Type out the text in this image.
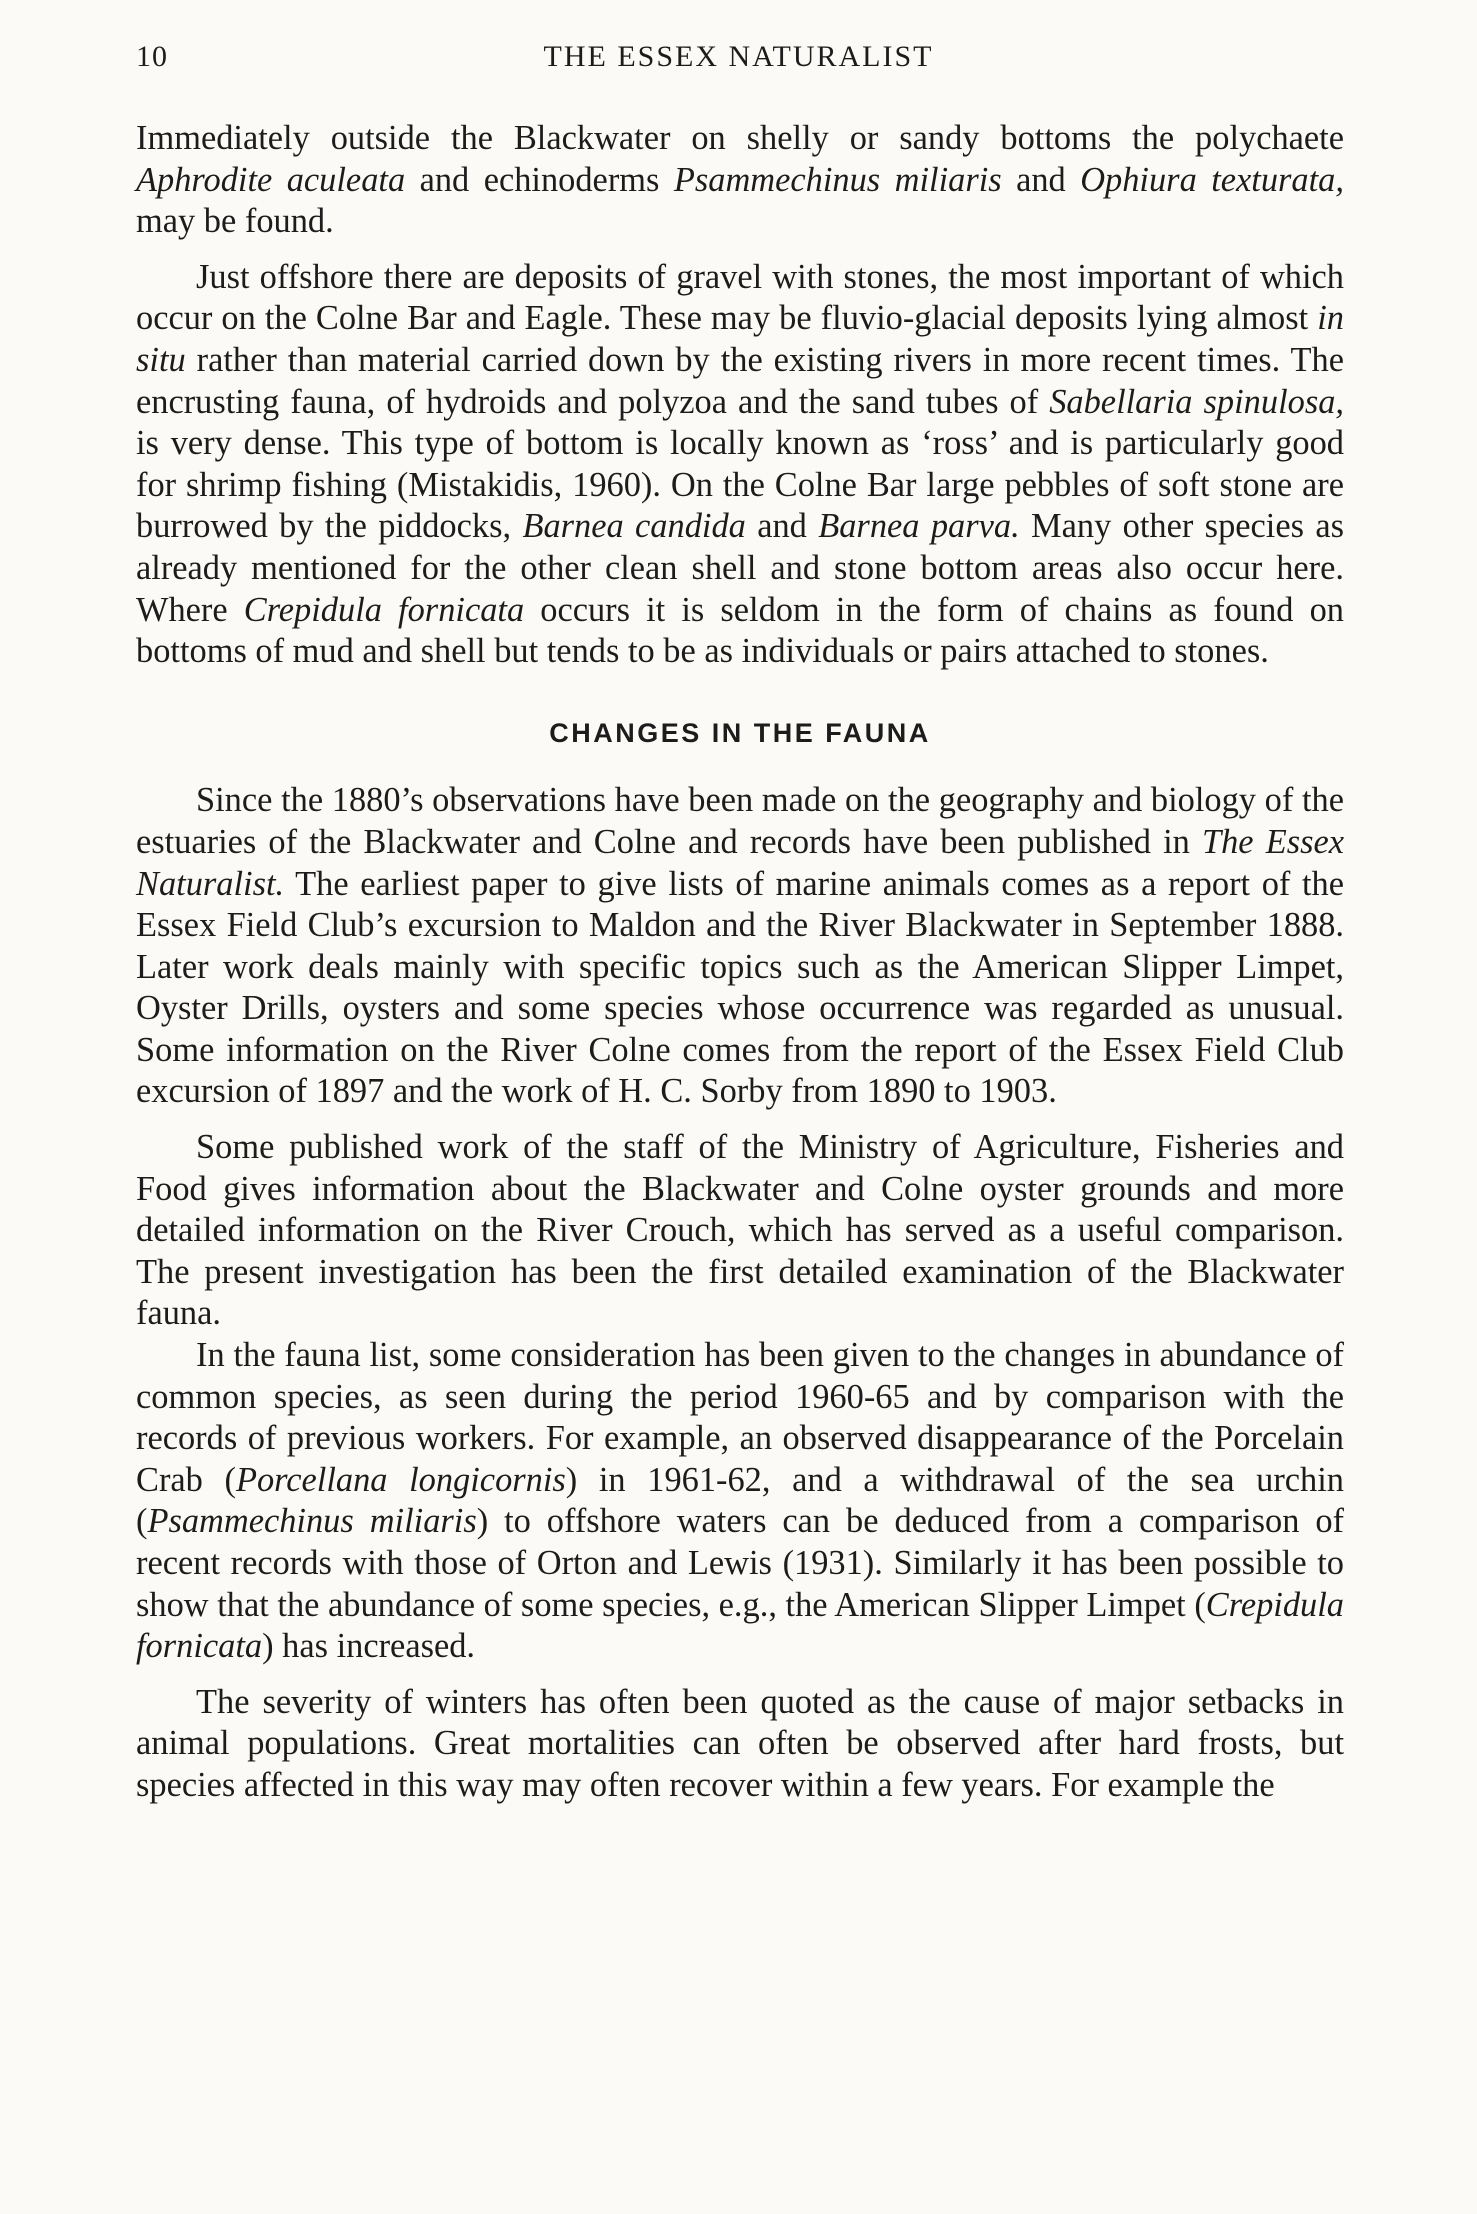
10	THE ESSEX NATURALIST

Immediately outside the Blackwater on shelly or sandy bottoms the polychaete Aphrodite aculeata and echinoderms Psammechinus miliaris and Ophiura texturata, may be found.

Just offshore there are deposits of gravel with stones, the most important of which occur on the Colne Bar and Eagle. These may be fluvio-glacial deposits lying almost in situ rather than material carried down by the existing rivers in more recent times. The encrusting fauna, of hydroids and polyzoa and the sand tubes of Sabellaria spinulosa, is very dense. This type of bottom is locally known as ‘ross’ and is particularly good for shrimp fishing (Mistakidis, 1960). On the Colne Bar large pebbles of soft stone are burrowed by the piddocks, Barnea candida and Barnea parva. Many other species as already mentioned for the other clean shell and stone bottom areas also occur here. Where Crepidula fornicata occurs it is seldom in the form of chains as found on bottoms of mud and shell but tends to be as individuals or pairs attached to stones.

CHANGES IN THE FAUNA

Since the 1880’s observations have been made on the geography and biology of the estuaries of the Blackwater and Colne and records have been published in The Essex Naturalist. The earliest paper to give lists of marine animals comes as a report of the Essex Field Club’s excursion to Maldon and the River Blackwater in September 1888. Later work deals mainly with specific topics such as the American Slipper Limpet, Oyster Drills, oysters and some species whose occurrence was regarded as unusual. Some information on the River Colne comes from the report of the Essex Field Club excursion of 1897 and the work of H. C. Sorby from 1890 to 1903.

Some published work of the staff of the Ministry of Agriculture, Fisheries and Food gives information about the Blackwater and Colne oyster grounds and more detailed information on the River Crouch, which has served as a useful comparison. The present investigation has been the first detailed examination of the Blackwater fauna.

In the fauna list, some consideration has been given to the changes in abundance of common species, as seen during the period 1960-65 and by comparison with the records of previous workers. For example, an observed disappearance of the Porcelain Crab (Porcellana longicornis) in 1961-62, and a withdrawal of the sea urchin (Psammechinus miliaris) to offshore waters can be deduced from a comparison of recent records with those of Orton and Lewis (1931). Similarly it has been possible to show that the abundance of some species, e.g., the American Slipper Limpet (Crepidula fornicata) has increased.

The severity of winters has often been quoted as the cause of major setbacks in animal populations. Great mortalities can often be observed after hard frosts, but species affected in this way may often recover within a few years. For example the
